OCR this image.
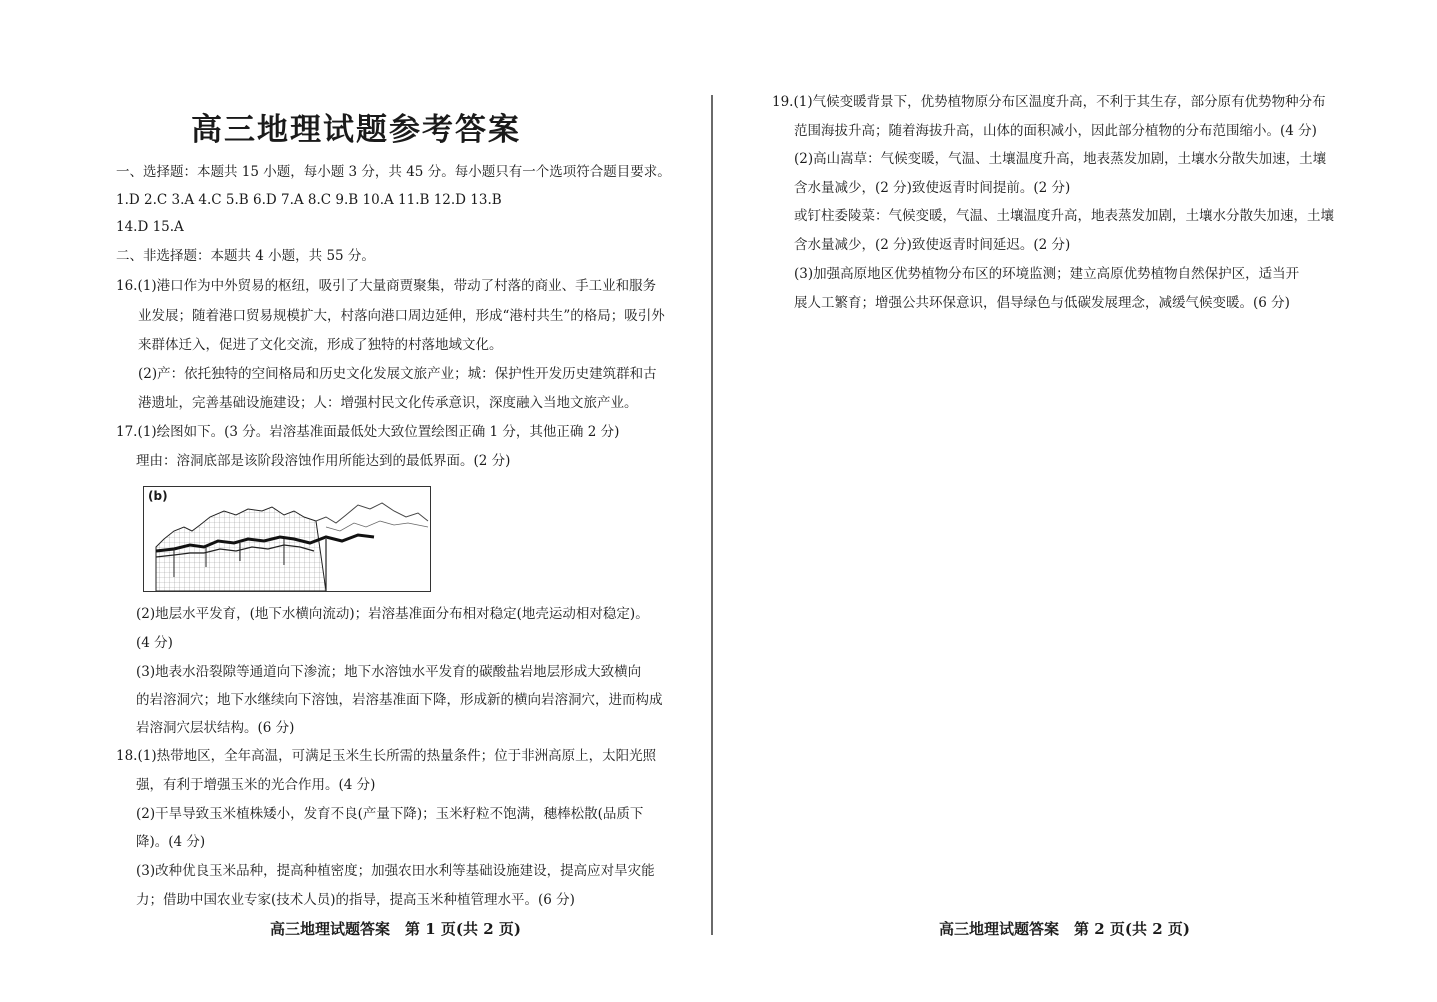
高三地理试题参考答案
一、选择题：本题共 15 小题，每小题 3 分，共 45 分。每小题只有一个选项符合题目要求。
1.D 2.C 3.A 4.C 5.B 6.D 7.A 8.C 9.B 10.A 11.B 12.D 13.B
14.D 15.A
二、非选择题：本题共 4 小题，共 55 分。
16.(1)港口作为中外贸易的枢纽，吸引了大量商贾聚集，带动了村落的商业、手工业和服务
业发展；随着港口贸易规模扩大，村落向港口周边延伸，形成“港村共生”的格局；吸引外
来群体迁入，促进了文化交流，形成了独特的村落地域文化。
(2)产：依托独特的空间格局和历史文化发展文旅产业；城：保护性开发历史建筑群和古
港遗址，完善基础设施建设；人：增强村民文化传承意识，深度融入当地文旅产业。
17.(1)绘图如下。(3 分。岩溶基准面最低处大致位置绘图正确 1 分，其他正确 2 分)
理由：溶洞底部是该阶段溶蚀作用所能达到的最低界面。(2 分)
(b)
(2)地层水平发育，(地下水横向流动)；岩溶基准面分布相对稳定(地壳运动相对稳定)。
(4 分)
(3)地表水沿裂隙等通道向下渗流；地下水溶蚀水平发育的碳酸盐岩地层形成大致横向
的岩溶洞穴；地下水继续向下溶蚀，岩溶基准面下降，形成新的横向岩溶洞穴，进而构成
岩溶洞穴层状结构。(6 分)
18.(1)热带地区，全年高温，可满足玉米生长所需的热量条件；位于非洲高原上，太阳光照
强，有利于增强玉米的光合作用。(4 分)
(2)干旱导致玉米植株矮小，发育不良(产量下降)；玉米籽粒不饱满，穗棒松散(品质下
降)。(4 分)
(3)改种优良玉米品种，提高种植密度；加强农田水利等基础设施建设，提高应对旱灾能
力；借助中国农业专家(技术人员)的指导，提高玉米种植管理水平。(6 分)
高三地理试题答案　第 1 页(共 2 页)
19.(1)气候变暖背景下，优势植物原分布区温度升高，不利于其生存，部分原有优势物种分布
范围海拔升高；随着海拔升高，山体的面积减小，因此部分植物的分布范围缩小。(4 分)
(2)高山嵩草：气候变暖，气温、土壤温度升高，地表蒸发加剧，土壤水分散失加速，土壤
含水量减少，(2 分)致使返青时间提前。(2 分)
或钉柱委陵菜：气候变暖，气温、土壤温度升高，地表蒸发加剧，土壤水分散失加速，土壤
含水量减少，(2 分)致使返青时间延迟。(2 分)
(3)加强高原地区优势植物分布区的环境监测；建立高原优势植物自然保护区，适当开
展人工繁育；增强公共环保意识，倡导绿色与低碳发展理念，减缓气候变暖。(6 分)
高三地理试题答案　第 2 页(共 2 页)
